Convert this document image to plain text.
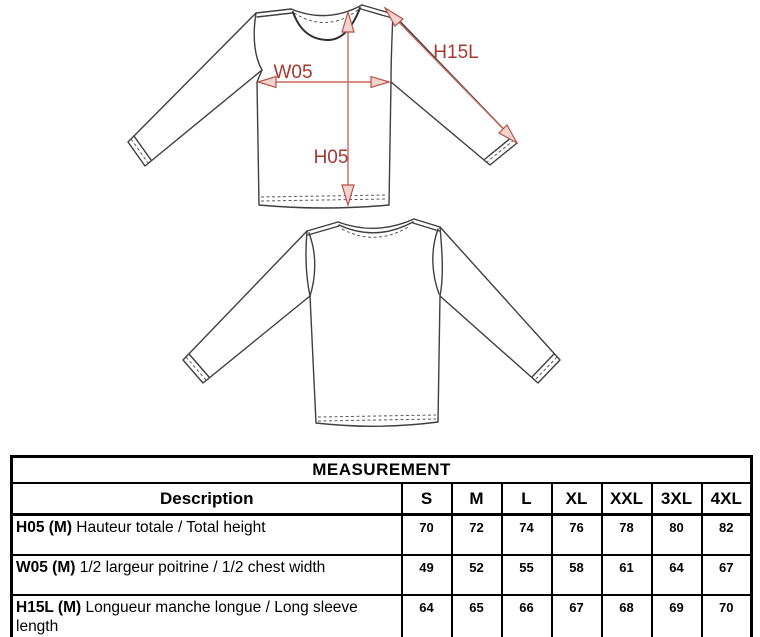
W05
H05
H15L
MEASUREMENT							
Description	S	M	L	XL	XXL	3XL	4XL
H05 (M) Hauteur totale / Total height	70	72	74	76	78	80	82
W05 (M) 1/2 largeur poitrine / 1/2 chest width	49	52	55	58	61	64	67
H15L (M) Longueur manche longue / Long sleeve length	64	65	66	67	68	69	70
